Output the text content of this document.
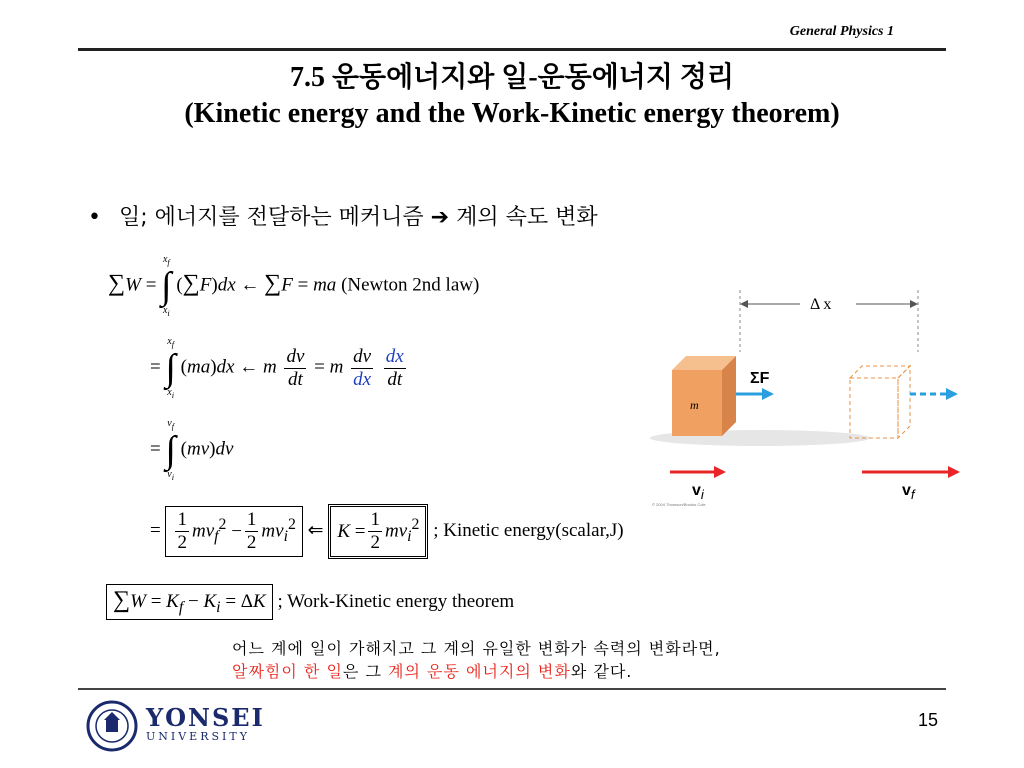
General Physics 1
7.5 운동에너지와 일-운동에너지 정리
(Kinetic energy and the Work-Kinetic energy theorem)
• 일; 에너지를 전달하는 메커니즘 ➔ 계의 속도 변화
∑W =
$x_f$
∫
$x_i$
(∑F)dx ← ∑F = ma (Newton 2nd law)
=
$x_f$
∫
$x_i$
(ma)dx ← m $\frac{dv}{dt} = m \frac{dv}{dx}$
$\frac{dx}{dt}$
=
$v_f$
∫
$v_i$
(mv)dv
= $\frac{1}{2} mv_f^2 - \frac{1}{2} mv_i^2$ ⇐ $K = \frac{1}{2} mv_i^2$ ; Kinetic energy(scalar,J)
$\sum W = K_f - K_i = \Delta K$ ; Work-Kinetic energy theorem
Δ x
m
ΣF
$v_i$	$v_f$
© 2004 Thomson/Brooks Cole
어느 계에 일이 가해지고 그 계의 유일한 변화가 속력의 변화라면,
알짜힘이 한 일은 그 계의 운동 에너지의 변화와 같다.
YONSEI
UNIVERSITY
15
